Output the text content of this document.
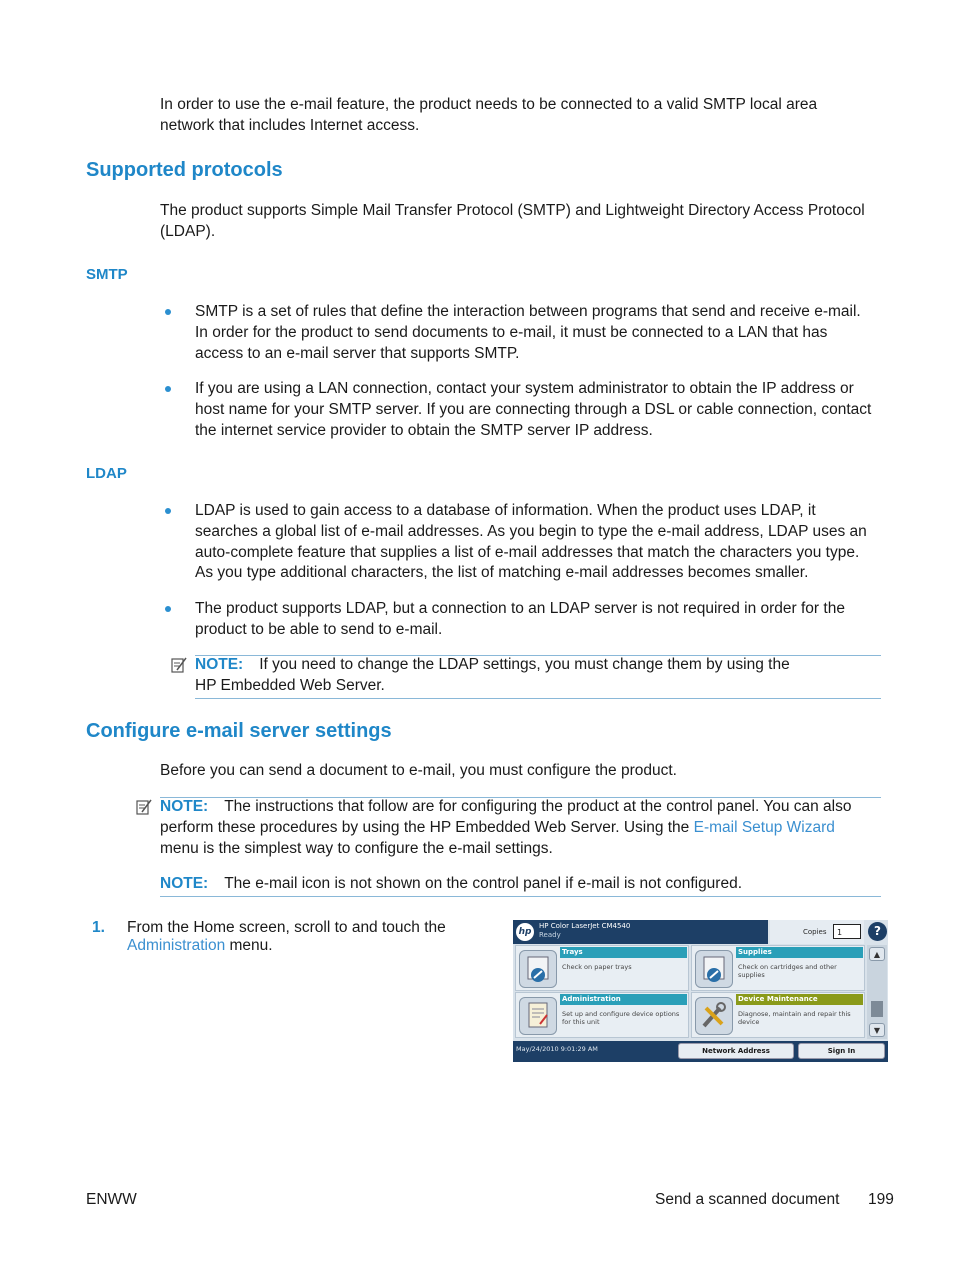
In order to use the e-mail feature, the product needs to be connected to a valid SMTP local area
network that includes Internet access.
Supported protocols
The product supports Simple Mail Transfer Protocol (SMTP) and Lightweight Directory Access Protocol
(LDAP).
SMTP
SMTP is a set of rules that define the interaction between programs that send and receive e-mail.
In order for the product to send documents to e-mail, it must be connected to a LAN that has
access to an e-mail server that supports SMTP.
If you are using a LAN connection, contact your system administrator to obtain the IP address or
host name for your SMTP server. If you are connecting through a DSL or cable connection, contact
the internet service provider to obtain the SMTP server IP address.
LDAP
LDAP is used to gain access to a database of information. When the product uses LDAP, it
searches a global list of e-mail addresses. As you begin to type the e-mail address, LDAP uses an
auto-complete feature that supplies a list of e-mail addresses that match the characters you type.
As you type additional characters, the list of matching e-mail addresses becomes smaller.
The product supports LDAP, but a connection to an LDAP server is not required in order for the
product to be able to send to e-mail.
NOTE: If you need to change the LDAP settings, you must change them by using the
HP Embedded Web Server.
Configure e-mail server settings
Before you can send a document to e-mail, you must configure the product.
NOTE: The instructions that follow are for configuring the product at the control panel. You can also
perform these procedures by using the HP Embedded Web Server. Using the E-mail Setup Wizard
menu is the simplest way to configure the e-mail settings.
NOTE: The e-mail icon is not shown on the control panel if e-mail is not configured.
1. From the Home screen, scroll to and touch the
Administration menu.
hp
HP Color LaserJet CM4540
Ready	Copies	1	?
Trays
Check on paper trays
Supplies
Check on cartridges and other supplies
Administration
Set up and configure device options for this unit
Device Maintenance
Diagnose, maintain and repair this device
▲
▼
May/24/2010 9:01:29 AM	Network Address	Sign In
ENWW	Send a scanned document 199
